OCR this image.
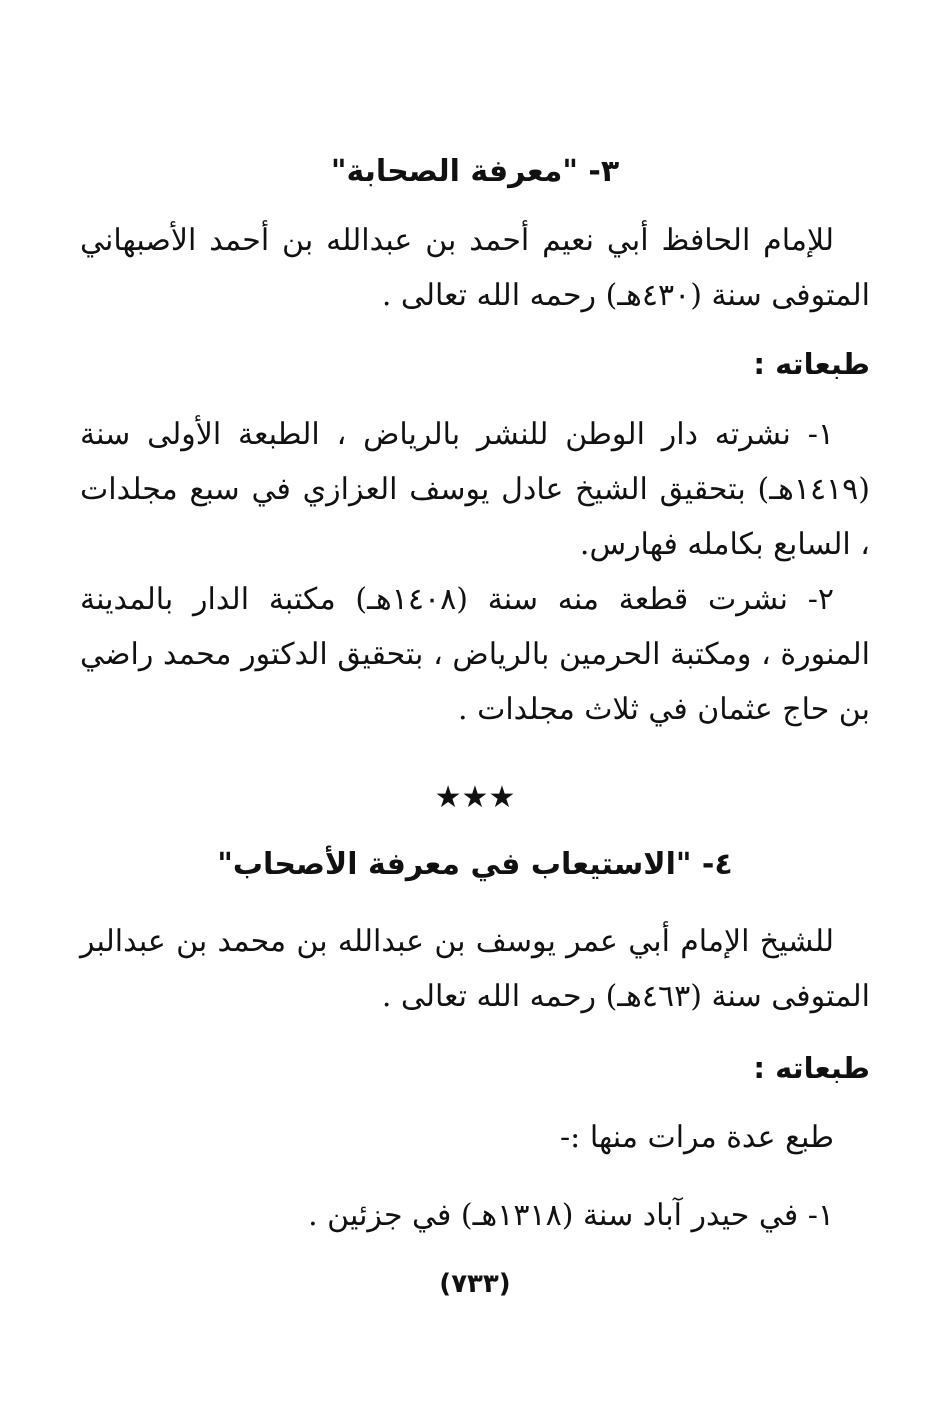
٣- "معرفة الصحابة"

للإمام الحافظ أبي نعيم أحمد بن عبدالله بن أحمد الأصبهاني المتوفى سنة (٤٣٠هـ) رحمه الله تعالى .

طبعاته :

١- نشرته دار الوطن للنشر بالرياض ، الطبعة الأولى سنة (١٤١٩هـ) بتحقيق الشيخ عادل يوسف العزازي في سبع مجلدات ، السابع بكامله فهارس.

٢- نشرت قطعة منه سنة (١٤٠٨هـ) مكتبة الدار بالمدينة المنورة ، ومكتبة الحرمين بالرياض ، بتحقيق الدكتور محمد راضي بن حاج عثمان في ثلاث مجلدات .

★★★
٤- "الاستيعاب في معرفة الأصحاب"

للشيخ الإمام أبي عمر يوسف بن عبدالله بن محمد بن عبدالبر المتوفى سنة (٤٦٣هـ) رحمه الله تعالى .

طبعاته :

طبع عدة مرات منها :-

١- في حيدر آباد سنة (١٣١٨هـ) في جزئين .

(٧٣٣)
